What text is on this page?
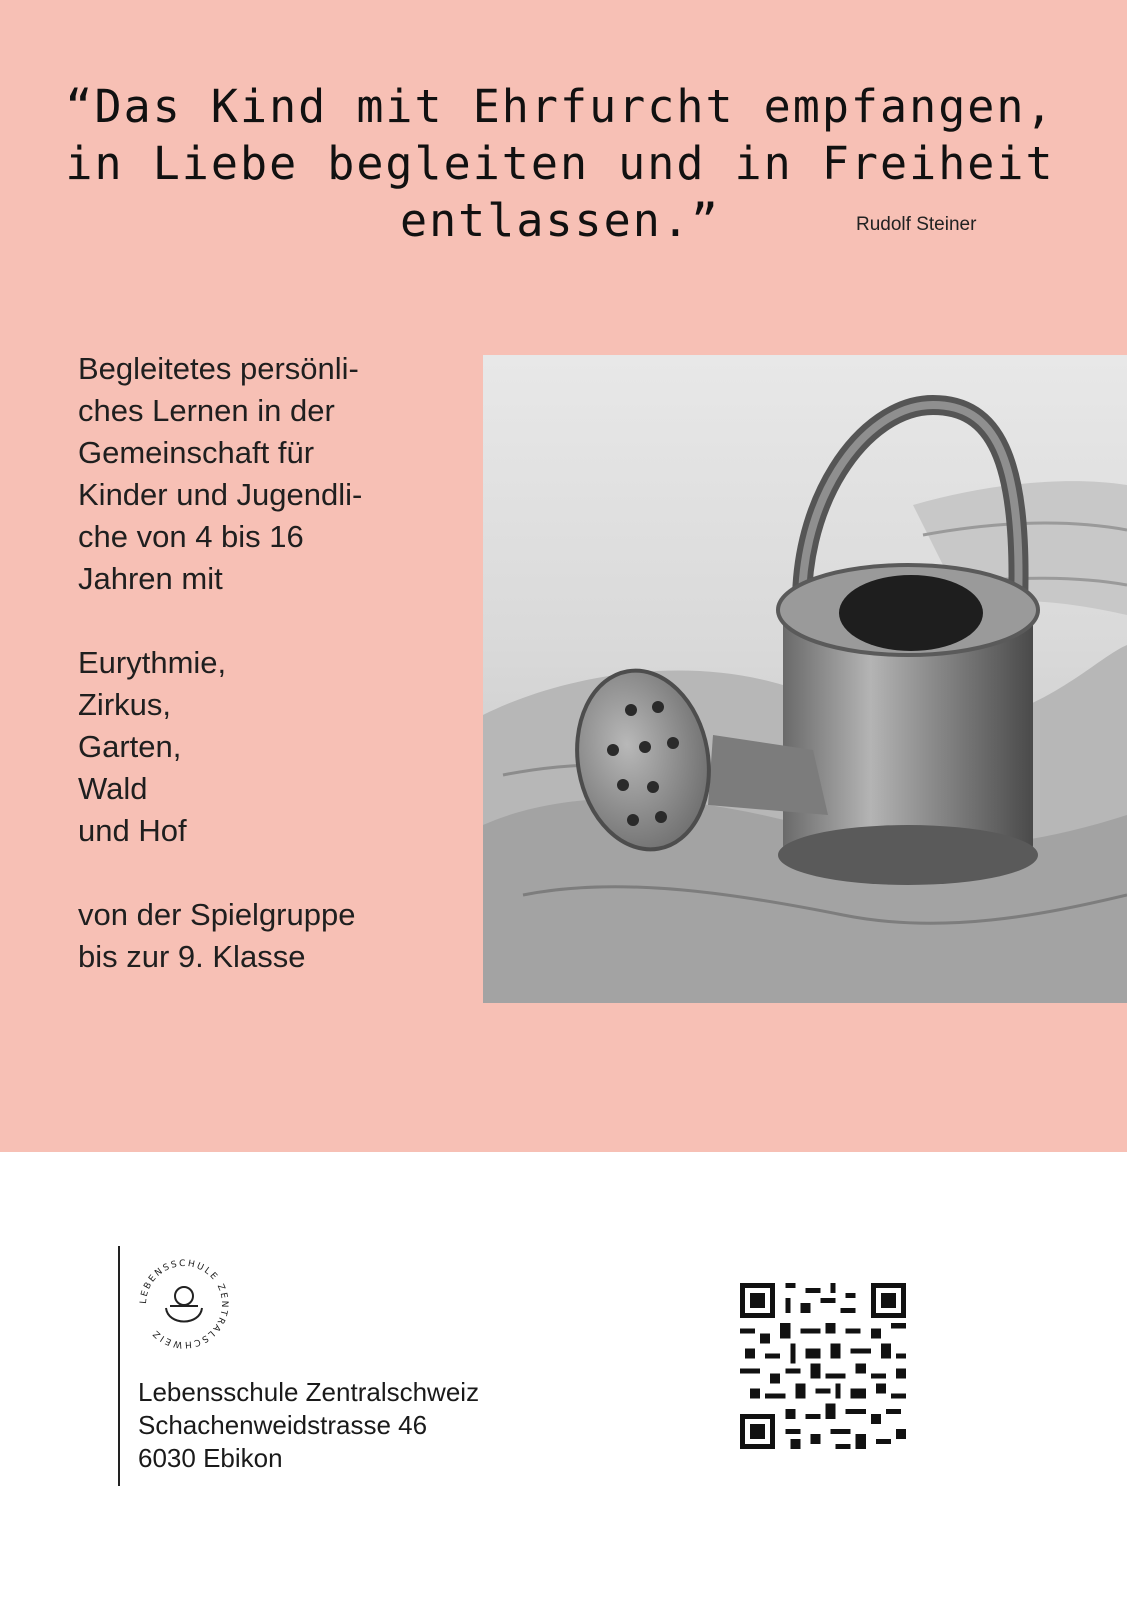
“Das Kind mit Ehrfurcht empfangen,
in Liebe begleiten und in Freiheit
entlassen.”	Rudolf Steiner

Begleitetes persönli-

ches Lernen in der

Gemeinschaft für

Kinder und Jugendli-

che von 4 bis 16

Jahren mit

Eurythmie,

Zirkus,

Garten,

Wald

und Hof

von der Spielgruppe

bis zur 9. Klasse

LEBENSSCHULE ZENTRALSCHWEIZ
Lebensschule Zentralschweiz
Schachenweidstrasse 46
6030 Ebikon
